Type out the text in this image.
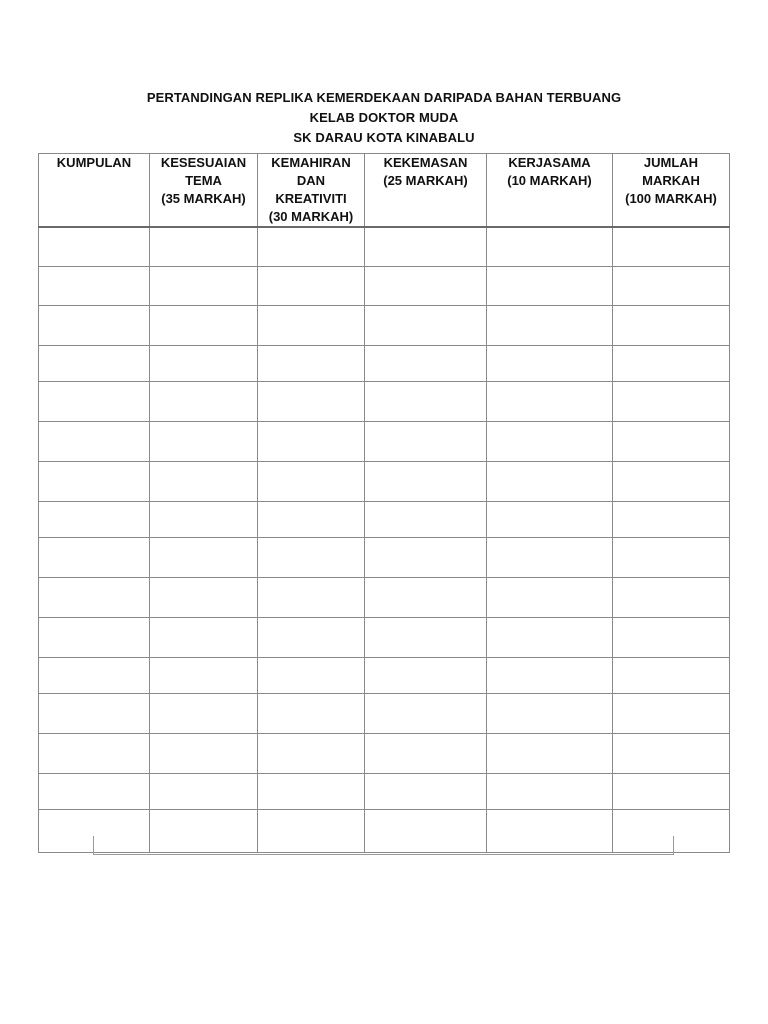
PERTANDINGAN REPLIKA KEMERDEKAAN DARIPADA BAHAN TERBUANG
KELAB DOKTOR MUDA
SK DARAU KOTA KINABALU
KUMPULAN	KESESUAIAN
TEMA
(35 MARKAH)	KEMAHIRAN
DAN
KREATIVITI
(30 MARKAH)	KEKEMASAN
(25 MARKAH)	KERJASAMA
(10 MARKAH)	JUMLAH
MARKAH
(100 MARKAH)
